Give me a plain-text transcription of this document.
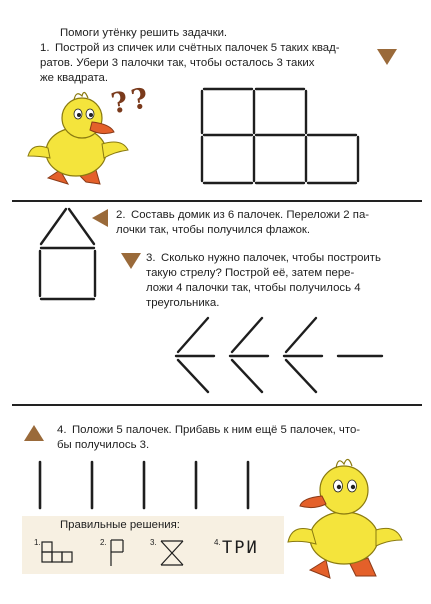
Помоги утёнку решить задачки.
1. Построй из спичек или счётных палочек 5 таких квад-
ратов. Убери 3 палочки так, чтобы осталось 3 таких
же квадрата.
??
2. Составь домик из 6 палочек. Переложи 2 па-
лочки так, чтобы получился флажок.
3. Сколько нужно палочек, чтобы построить
такую стрелу? Построй её, затем пере-
ложи 4 палочки так, чтобы получилось 4
треугольника.
4. Положи 5 палочек. Прибавь к ним ещё 5 палочек, что-
бы получилось 3.
Правильные решения:
1.	2.	3.	4. ТРИ
